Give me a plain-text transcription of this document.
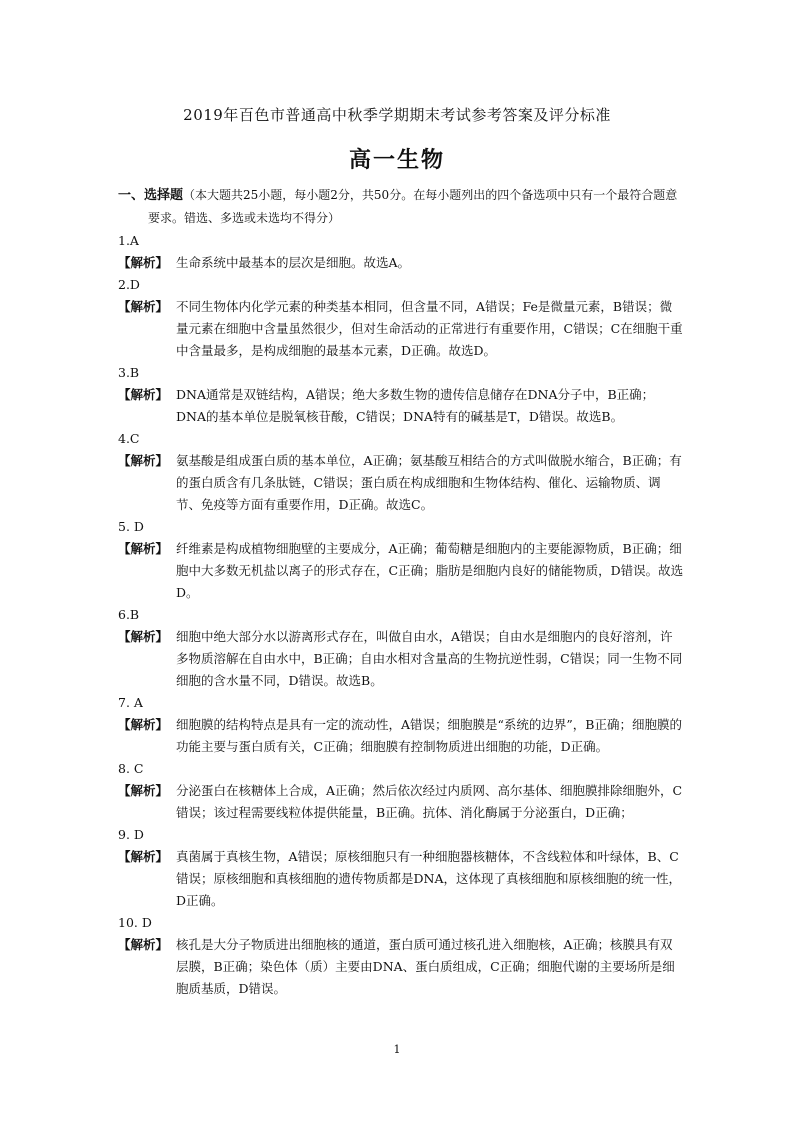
2019年百色市普通高中秋季学期期末考试参考答案及评分标准
高一生物
一、选择题（本大题共25小题，每小题2分，共50分。在每小题列出的四个备选项中只有一个最符合题意要求。错选、多选或未选均不得分）
1.A
【解析】 生命系统中最基本的层次是细胞。故选A。
2.D
【解析】 不同生物体内化学元素的种类基本相同，但含量不同，A错误；Fe是微量元素，B错误；微量元素在细胞中含量虽然很少，但对生命活动的正常进行有重要作用，C错误；C在细胞干重中含量最多，是构成细胞的最基本元素，D正确。故选D。
3.B
【解析】 DNA通常是双链结构，A错误；绝大多数生物的遗传信息储存在DNA分子中，B正确；DNA的基本单位是脱氧核苷酸，C错误；DNA特有的碱基是T，D错误。故选B。
4.C
【解析】 氨基酸是组成蛋白质的基本单位，A正确；氨基酸互相结合的方式叫做脱水缩合，B正确；有的蛋白质含有几条肽链，C错误；蛋白质在构成细胞和生物体结构、催化、运输物质、调节、免疫等方面有重要作用，D正确。故选C。
5. D
【解析】 纤维素是构成植物细胞壁的主要成分，A正确；葡萄糖是细胞内的主要能源物质，B正确；细胞中大多数无机盐以离子的形式存在，C正确；脂肪是细胞内良好的储能物质，D错误。故选D。
6.B
【解析】 细胞中绝大部分水以游离形式存在，叫做自由水，A错误；自由水是细胞内的良好溶剂，许多物质溶解在自由水中，B正确；自由水相对含量高的生物抗逆性弱，C错误；同一生物不同细胞的含水量不同，D错误。故选B。
7. A
【解析】 细胞膜的结构特点是具有一定的流动性，A错误；细胞膜是“系统的边界”，B正确；细胞膜的功能主要与蛋白质有关，C正确；细胞膜有控制物质进出细胞的功能，D正确。
8. C
【解析】 分泌蛋白在核糖体上合成，A正确；然后依次经过内质网、高尔基体、细胞膜排除细胞外，C错误；该过程需要线粒体提供能量，B正确。抗体、消化酶属于分泌蛋白，D正确；
9. D
【解析】 真菌属于真核生物，A错误；原核细胞只有一种细胞器核糖体，不含线粒体和叶绿体，B、C错误；原核细胞和真核细胞的遗传物质都是DNA，这体现了真核细胞和原核细胞的统一性，D正确。
10. D
【解析】 核孔是大分子物质进出细胞核的通道，蛋白质可通过核孔进入细胞核，A正确；核膜具有双层膜，B正确；染色体（质）主要由DNA、蛋白质组成，C正确；细胞代谢的主要场所是细胞质基质，D错误。
1
